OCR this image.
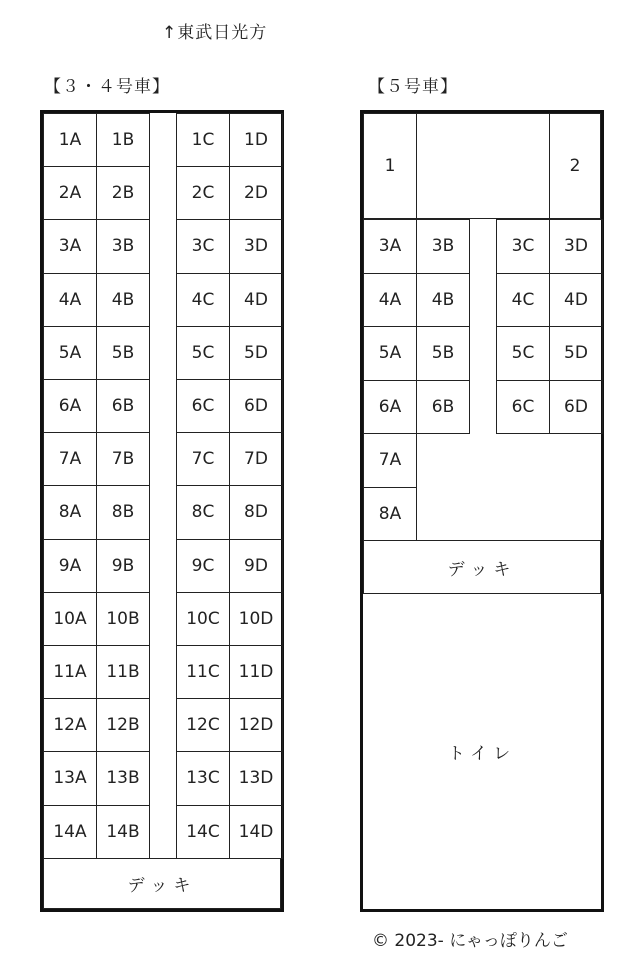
↑東武日光方
【３・４号車】
1A	1B	1C	1D
2A	2B	2C	2D
3A	3B	3C	3D
4A	4B	4C	4D
5A	5B	5C	5D
6A	6B	6C	6D
7A	7B	7C	7D
8A	8B	8C	8D
9A	9B	9C	9D
10A	10B	10C	10D
11A	11B	11C	11D
12A	12B	12C	12D
13A	13B	13C	13D
14A	14B	14C	14D
デッキ
【５号車】
1	2
3A	3B	3C	3D
4A	4B	4C	4D
5A	5B	5C	5D
6A	6B	6C	6D
7A
8A
デッキ
トイレ
© 2023- にゃっぽりんご
